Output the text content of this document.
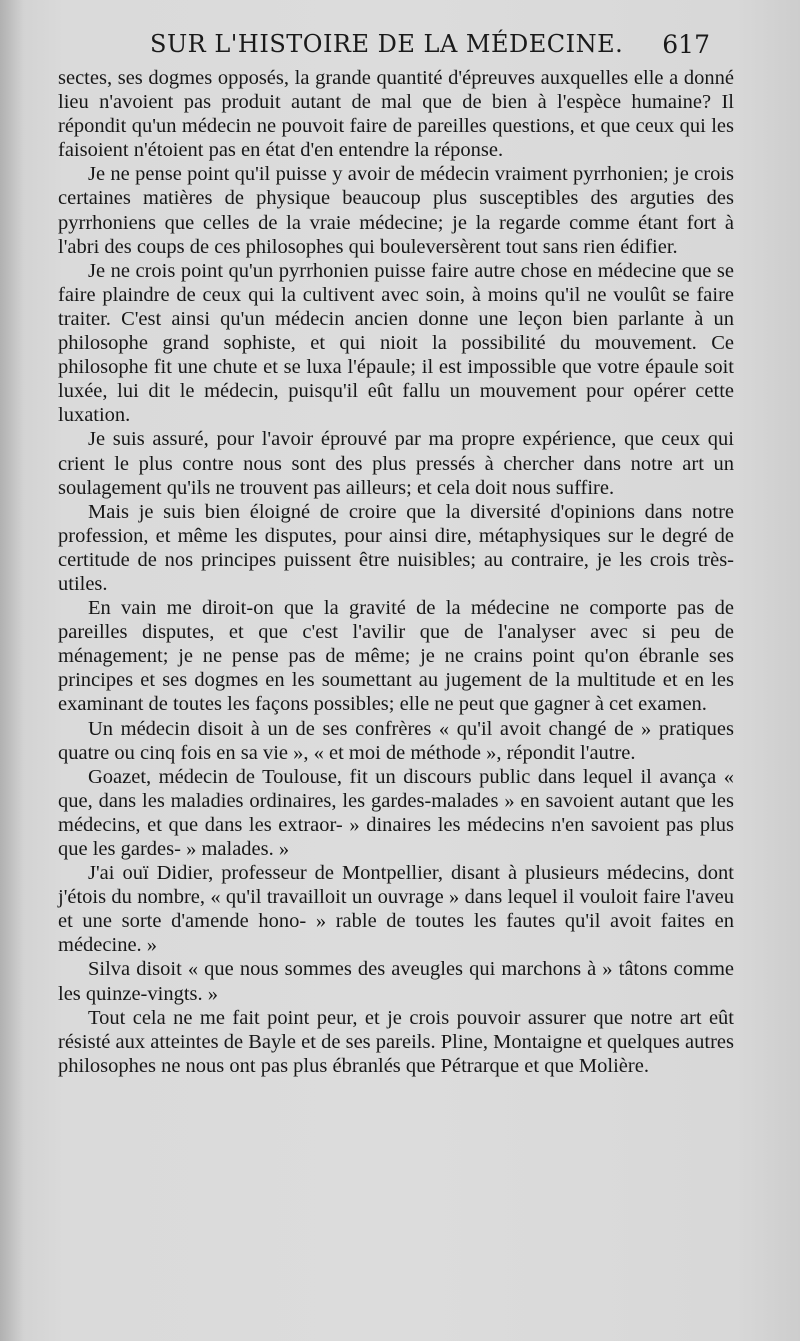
SUR L'HISTOIRE DE LA MÉDECINE. 617

sectes, ses dogmes opposés, la grande quantité d'épreuves auxquelles elle a donné lieu n'avoient pas produit autant de mal que de bien à l'espèce humaine? Il répondit qu'un médecin ne pouvoit faire de pareilles questions, et que ceux qui les faisoient n'étoient pas en état d'en entendre la réponse.

Je ne pense point qu'il puisse y avoir de médecin vraiment pyrrhonien; je crois certaines matières de physique beaucoup plus susceptibles des arguties des pyrrhoniens que celles de la vraie médecine; je la regarde comme étant fort à l'abri des coups de ces philosophes qui bouleversèrent tout sans rien édifier.

Je ne crois point qu'un pyrrhonien puisse faire autre chose en médecine que se faire plaindre de ceux qui la cultivent avec soin, à moins qu'il ne voulût se faire traiter. C'est ainsi qu'un médecin ancien donne une leçon bien parlante à un philosophe grand sophiste, et qui nioit la possibilité du mouvement. Ce philosophe fit une chute et se luxa l'épaule; il est impossible que votre épaule soit luxée, lui dit le médecin, puisqu'il eût fallu un mouvement pour opérer cette luxation.

Je suis assuré, pour l'avoir éprouvé par ma propre expérience, que ceux qui crient le plus contre nous sont des plus pressés à chercher dans notre art un soulagement qu'ils ne trouvent pas ailleurs; et cela doit nous suffire.

Mais je suis bien éloigné de croire que la diversité d'opinions dans notre profession, et même les disputes, pour ainsi dire, métaphysiques sur le degré de certitude de nos principes puissent être nuisibles; au contraire, je les crois très-utiles.

En vain me diroit-on que la gravité de la médecine ne comporte pas de pareilles disputes, et que c'est l'avilir que de l'analyser avec si peu de ménagement; je ne pense pas de même; je ne crains point qu'on ébranle ses principes et ses dogmes en les soumettant au jugement de la multitude et en les examinant de toutes les façons possibles; elle ne peut que gagner à cet examen.

Un médecin disoit à un de ses confrères « qu'il avoit changé de » pratiques quatre ou cinq fois en sa vie », « et moi de méthode », répondit l'autre.

Goazet, médecin de Toulouse, fit un discours public dans lequel il avança « que, dans les maladies ordinaires, les gardes-malades » en savoient autant que les médecins, et que dans les extraor- » dinaires les médecins n'en savoient pas plus que les gardes- » malades. »

J'ai ouï Didier, professeur de Montpellier, disant à plusieurs médecins, dont j'étois du nombre, « qu'il travailloit un ouvrage » dans lequel il vouloit faire l'aveu et une sorte d'amende hono- » rable de toutes les fautes qu'il avoit faites en médecine. »

Silva disoit « que nous sommes des aveugles qui marchons à » tâtons comme les quinze-vingts. »

Tout cela ne me fait point peur, et je crois pouvoir assurer que notre art eût résisté aux atteintes de Bayle et de ses pareils. Pline, Montaigne et quelques autres philosophes ne nous ont pas plus ébranlés que Pétrarque et que Molière.
